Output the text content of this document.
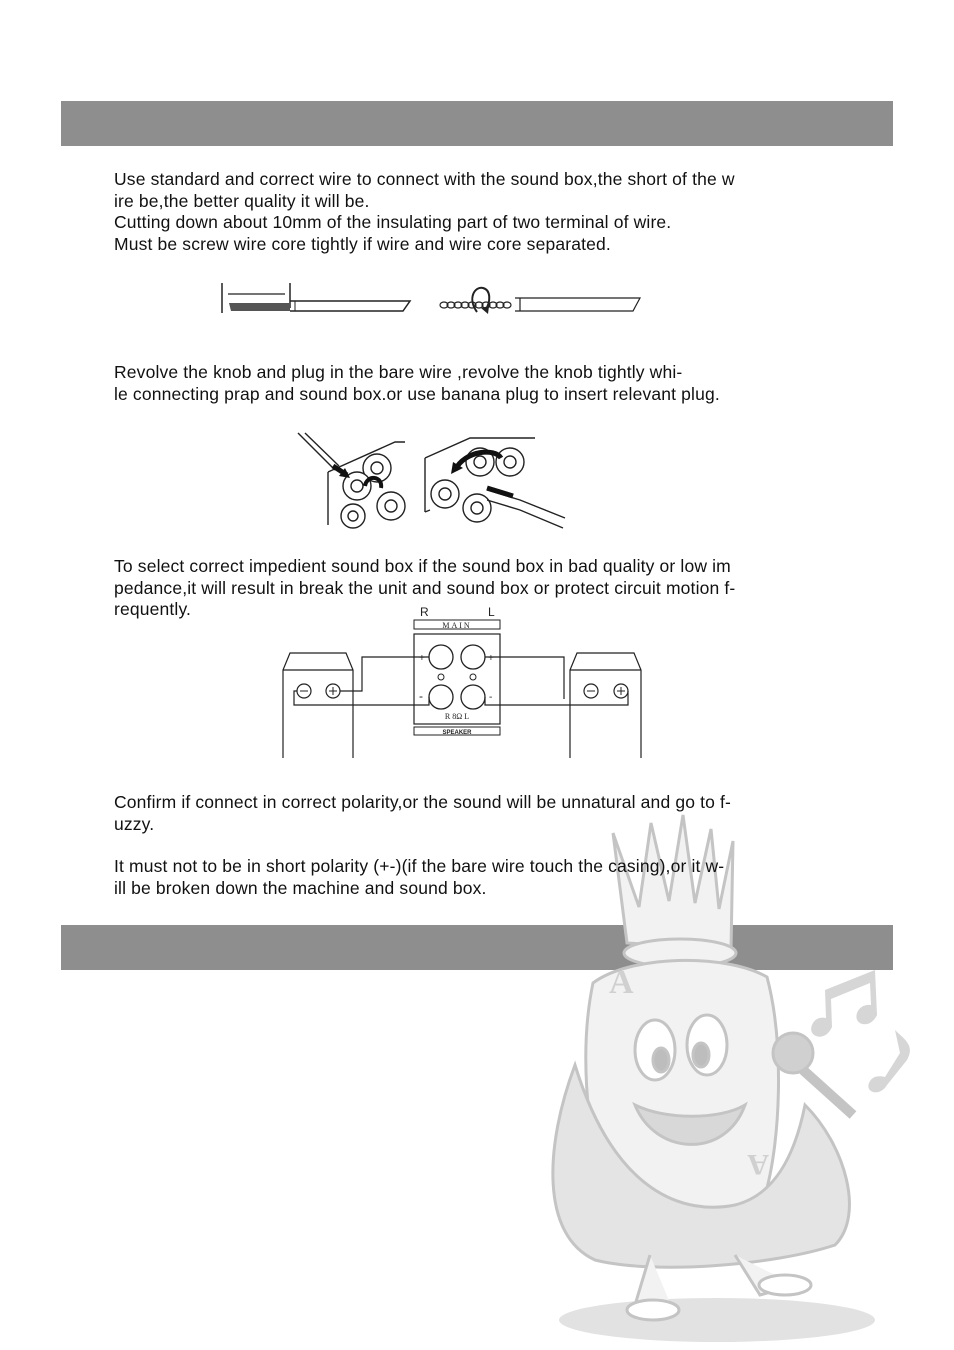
Use standard and correct wire to connect with the sound box,the short of the w
ire be,the better quality it will be.
Cutting down about 10mm of the insulating part of two terminal of wire.
Must be screw wire core tightly if wire and wire core separated.

Revolve the knob and plug in the bare wire ,revolve the knob tightly whi-
le connecting prap and sound box.or use banana plug to insert relevant plug.

To select correct impedient sound box if the sound box in bad quality or low im
pedance,it will result in break the unit and sound box or protect circuit motion f-
requently.	R	L
MAIN
+	+
-	-
R 8Ω L
SPEAKER

Confirm if connect in correct polarity,or the sound will be unnatural and go to f-
uzzy.

A
A

It must not to be in short polarity (+-)(if the bare wire touch the casing),or it w-
ill be broken down the machine and sound box.
